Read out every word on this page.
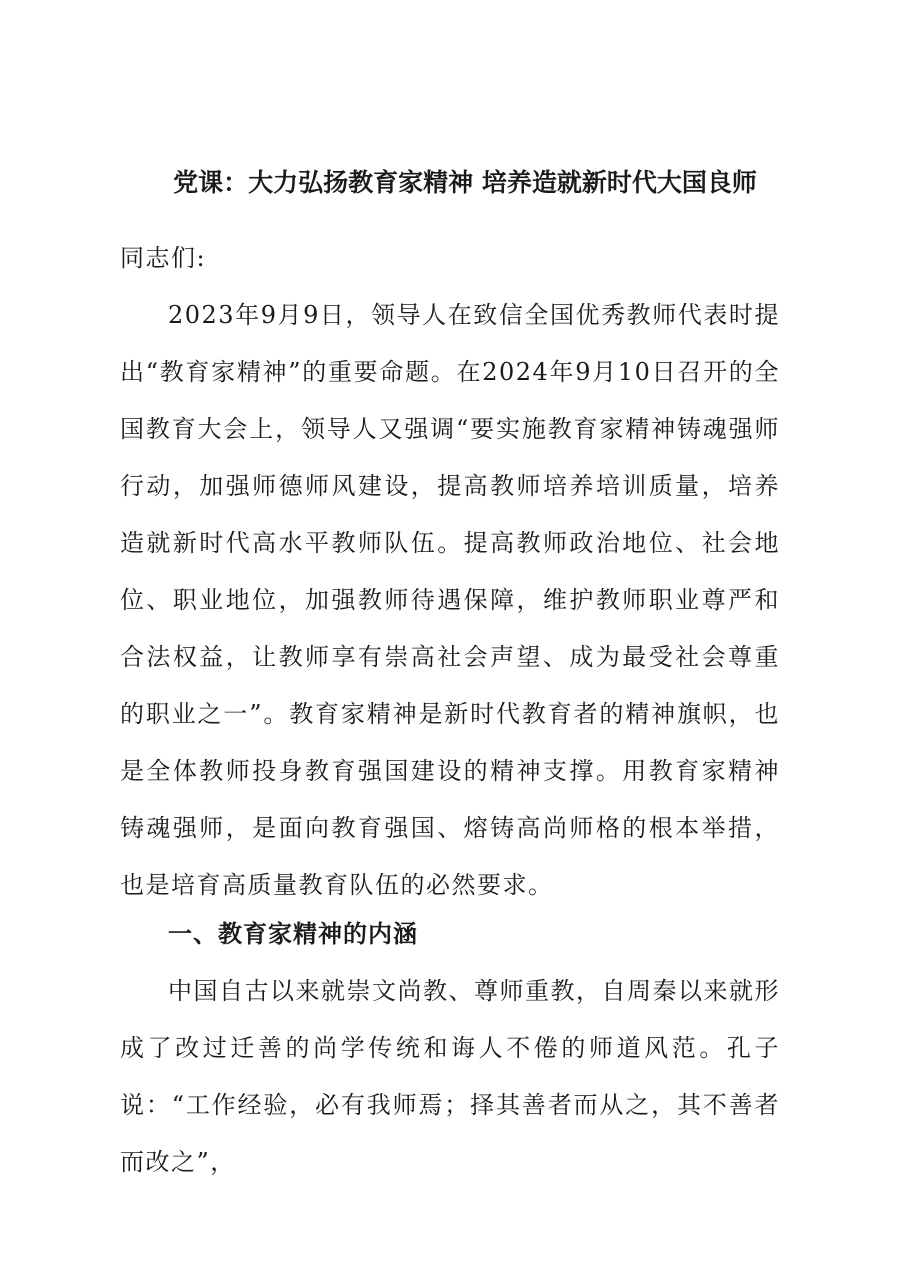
党课：大力弘扬教育家精神 培养造就新时代大国良师
同志们:
2023年9月9日，领导人在致信全国优秀教师代表时提出“教育家精神”的重要命题。在2024年9月10日召开的全国教育大会上，领导人又强调“要实施教育家精神铸魂强师行动，加强师德师风建设，提高教师培养培训质量，培养造就新时代高水平教师队伍。提高教师政治地位、社会地位、职业地位，加强教师待遇保障，维护教师职业尊严和合法权益，让教师享有崇高社会声望、成为最受社会尊重的职业之一”。教育家精神是新时代教育者的精神旗帜，也是全体教师投身教育强国建设的精神支撑。用教育家精神铸魂强师，是面向教育强国、熔铸高尚师格的根本举措，也是培育高质量教育队伍的必然要求。
一、教育家精神的内涵
中国自古以来就崇文尚教、尊师重教，自周秦以来就形成了改过迁善的尚学传统和诲人不倦的师道风范。孔子说：“工作经验，必有我师焉；择其善者而从之，其不善者而改之”，
